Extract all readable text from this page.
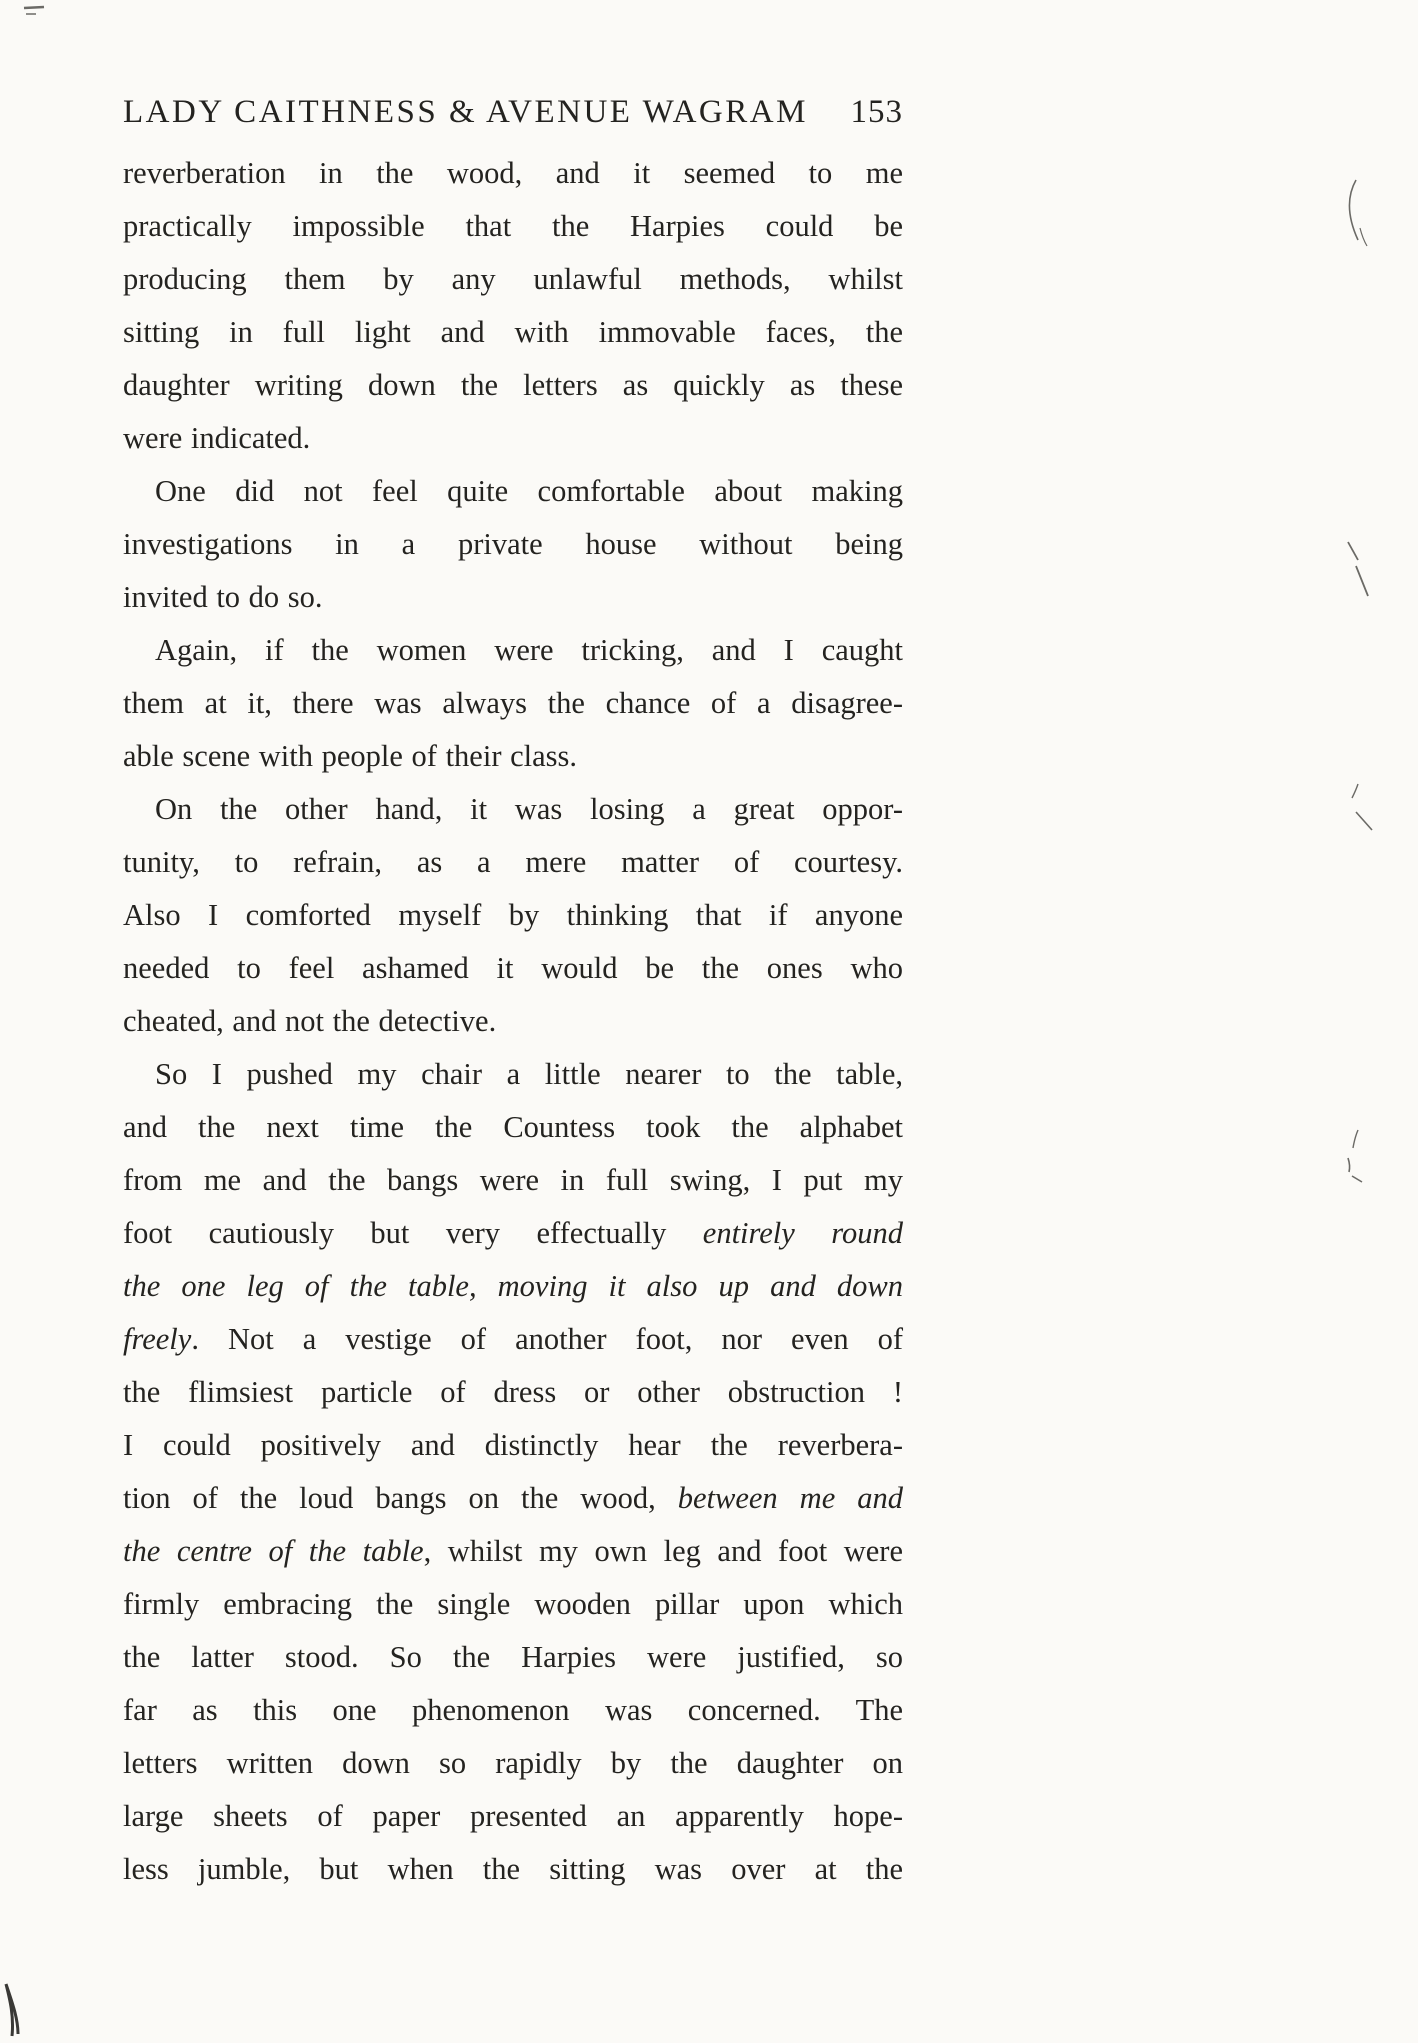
LADY CAITHNESS & AVENUE WAGRAM 153
reverberation in the wood, and it seemed to me
practically impossible that the Harpies could be
producing them by any unlawful methods, whilst
sitting in full light and with immovable faces, the
daughter writing down the letters as quickly as these
were indicated.
One did not feel quite comfortable about making
investigations in a private house without being
invited to do so.
Again, if the women were tricking, and I caught
them at it, there was always the chance of a disagree-
able scene with people of their class.
On the other hand, it was losing a great oppor-
tunity, to refrain, as a mere matter of courtesy.
Also I comforted myself by thinking that if anyone
needed to feel ashamed it would be the ones who
cheated, and not the detective.
So I pushed my chair a little nearer to the table,
and the next time the Countess took the alphabet
from me and the bangs were in full swing, I put my
foot cautiously but very effectually entirely round
the one leg of the table, moving it also up and down
freely. Not a vestige of another foot, nor even of
the flimsiest particle of dress or other obstruction !
I could positively and distinctly hear the reverbera-
tion of the loud bangs on the wood, between me and
the centre of the table, whilst my own leg and foot were
firmly embracing the single wooden pillar upon which
the latter stood. So the Harpies were justified, so
far as this one phenomenon was concerned. The
letters written down so rapidly by the daughter on
large sheets of paper presented an apparently hope-
less jumble, but when the sitting was over at the
